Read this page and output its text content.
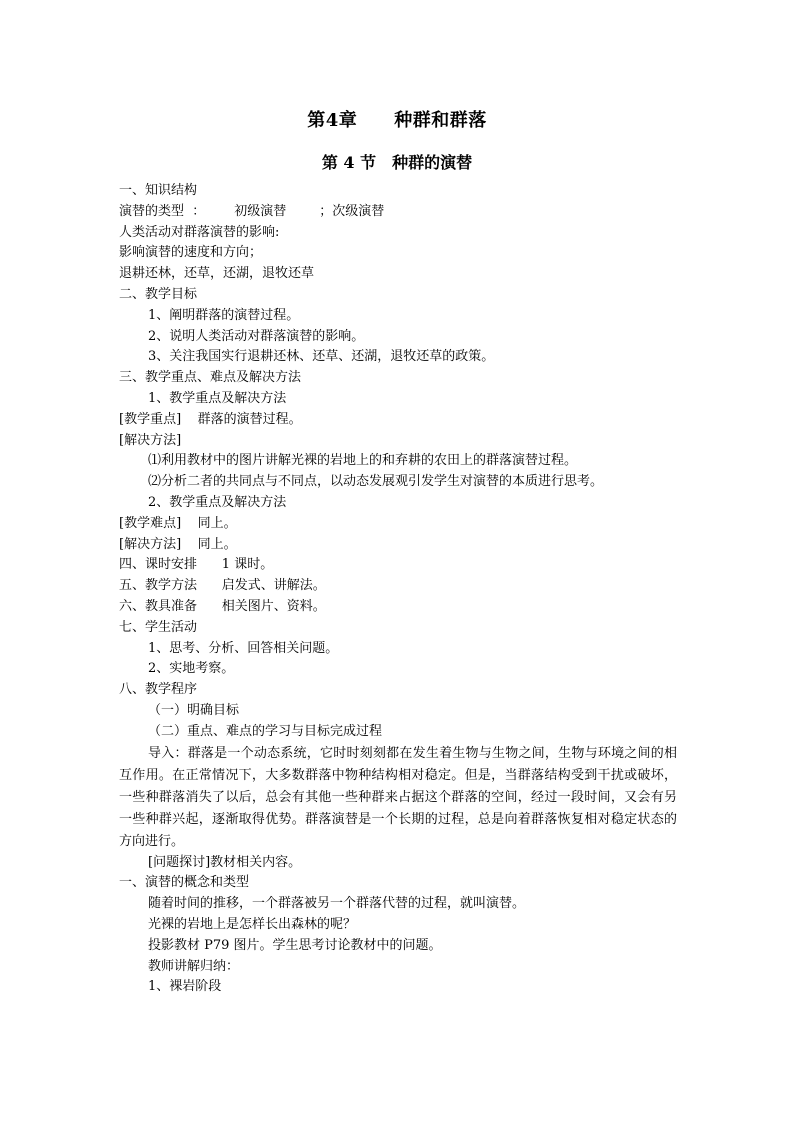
第4章　　种群和群落
第 4 节　种群的演替
一、知识结构
演替的类型  ：       初级演替        ；次级演替
人类活动对群落演替的影响:
影响演替的速度和方向；
退耕还林，还草，还湖，退牧还草
二、教学目标
1、阐明群落的演替过程。
2、说明人类活动对群落演替的影响。
3、关注我国实行退耕还林、还草、还湖，退牧还草的政策。
三、教学重点、难点及解决方法
1、教学重点及解决方法
[教学重点]    群落的演替过程。
[解决方法]
⑴利用教材中的图片讲解光裸的岩地上的和弃耕的农田上的群落演替过程。
⑵分析二者的共同点与不同点，以动态发展观引发学生对演替的本质进行思考。
2、教学重点及解决方法
[教学难点]    同上。
[解决方法]    同上。
四、课时安排      1 课时。
五、教学方法      启发式、讲解法。
六、教具准备      相关图片、资料。
七、学生活动
1、思考、分析、回答相关问题。
2、实地考察。
八、教学程序
（一）明确目标
（二）重点、难点的学习与目标完成过程

导入：群落是一个动态系统，它时时刻刻都在发生着生物与生物之间，生物与环境之间的相互作用。在正常情况下，大多数群落中物种结构相对稳定。但是，当群落结构受到干扰或破坏，一些种群落消失了以后，总会有其他一些种群来占据这个群落的空间，经过一段时间，又会有另一些种群兴起，逐渐取得优势。群落演替是一个长期的过程，总是向着群落恢复相对稳定状态的方向进行。

[问题探讨]教材相关内容。
一、演替的概念和类型
随着时间的推移，一个群落被另一个群落代替的过程，就叫演替。
光裸的岩地上是怎样长出森林的呢？
投影教材 P79 图片。学生思考讨论教材中的问题。
教师讲解归纳：
1、裸岩阶段
